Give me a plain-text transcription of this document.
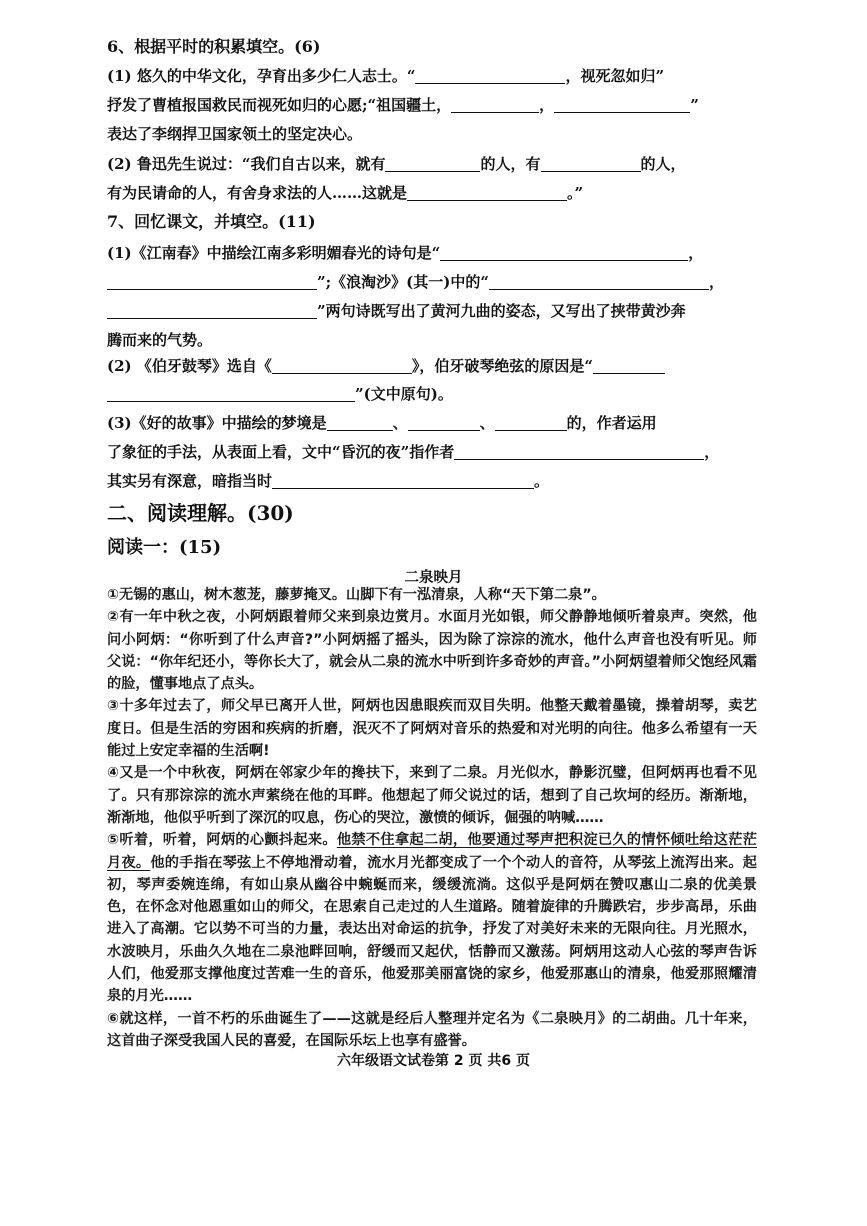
6、根据平时的积累填空。(6)
(1) 悠久的中华文化，孕育出多少仁人志士。“	，视死忽如归”
抒发了曹植报国救民而视死如归的心愿;“祖国疆土，	，	”
表达了李纲捍卫国家领土的坚定决心。
(2) 鲁迅先生说过：“我们自古以来，就有	的人，有	的人，
有为民请命的人，有舍身求法的人……这就是	。”
7、回忆课文，并填空。(11)
(1)《江南春》中描绘江南多彩明媚春光的诗句是“	，
”;《浪淘沙》(其一)中的“	，
”两句诗既写出了黄河九曲的姿态，又写出了挟带黄沙奔
腾而来的气势。
(2) 《伯牙鼓琴》选自《	》，伯牙破琴绝弦的原因是“
”(文中原句)。
(3)《好的故事》中描绘的梦境是	、	、	的，作者运用
了象征的手法，从表面上看，文中“昏沉的夜”指作者	，
其实另有深意，暗指当时	。
二、阅读理解。(30)
阅读一：(15)
二泉映月

①无锡的惠山，树木葱茏，藤萝掩叉。山脚下有一泓清泉，人称“天下第二泉”。

②有一年中秋之夜，小阿炳跟着师父来到泉边赏月。水面月光如银，师父静静地倾听着泉声。突然，他问小阿炳：“你听到了什么声音?”小阿炳摇了摇头，因为除了淙淙的流水，他什么声音也没有听见。师父说：“你年纪还小，等你长大了，就会从二泉的流水中听到许多奇妙的声音。”小阿炳望着师父饱经风霜的脸，懂事地点了点头。

③十多年过去了，师父早已离开人世，阿炳也因患眼疾而双目失明。他整天戴着墨镜，操着胡琴，卖艺度日。但是生活的穷困和疾病的折磨，泯灭不了阿炳对音乐的热爱和对光明的向往。他多么希望有一天能过上安定幸福的生活啊!

④又是一个中秋夜，阿炳在邻家少年的搀扶下，来到了二泉。月光似水，静影沉璧，但阿炳再也看不见了。只有那淙淙的流水声萦绕在他的耳畔。他想起了师父说过的话，想到了自己坎坷的经历。渐渐地，渐渐地，他似乎听到了深沉的叹息，伤心的哭泣，激愤的倾诉，倔强的呐喊……

⑤听着，听着，阿炳的心颤抖起来。他禁不住拿起二胡，他要通过琴声把积淀已久的情怀倾吐给这茫茫月夜。他的手指在琴弦上不停地滑动着，流水月光都变成了一个个动人的音符，从琴弦上流泻出来。起初，琴声委婉连绵，有如山泉从幽谷中蜿蜒而来，缓缓流淌。这似乎是阿炳在赞叹惠山二泉的优美景色，在怀念对他恩重如山的师父，在思索自己走过的人生道路。随着旋律的升腾跌宕，步步高昂，乐曲进入了高潮。它以势不可当的力量，表达出对命运的抗争，抒发了对美好未来的无限向往。月光照水，水波映月，乐曲久久地在二泉池畔回响，舒缓而又起伏，恬静而又激荡。阿炳用这动人心弦的琴声告诉人们，他爱那支撑他度过苦难一生的音乐，他爱那美丽富饶的家乡，他爱那惠山的清泉，他爱那照耀清泉的月光……

⑥就这样，一首不朽的乐曲诞生了——这就是经后人整理并定名为《二泉映月》的二胡曲。几十年来，这首曲子深受我国人民的喜爱，在国际乐坛上也享有盛誉。

六年级语文试卷第 2 页 共6 页
